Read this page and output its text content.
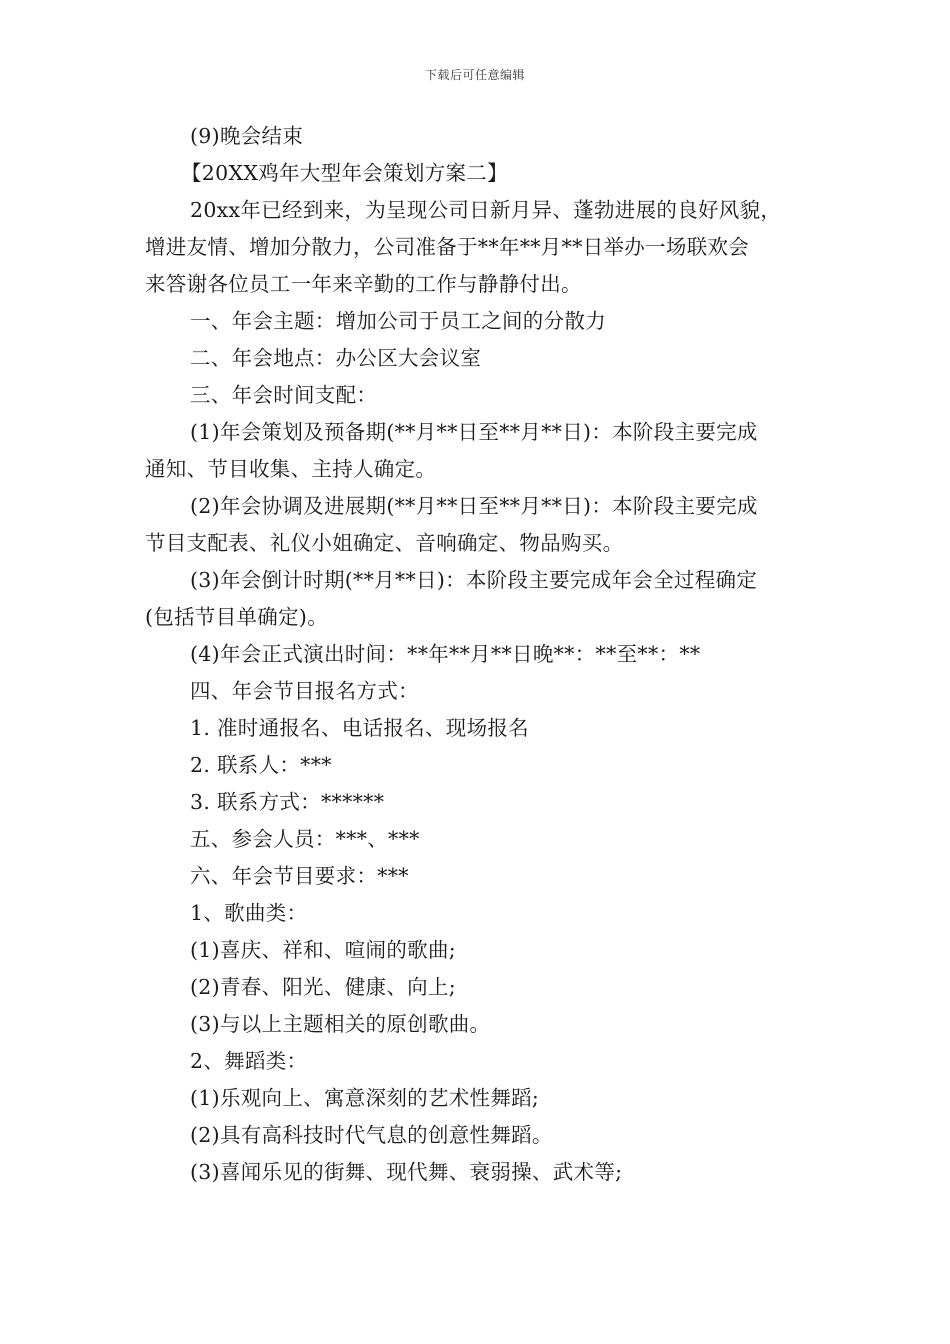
下载后可任意编辑
(9)晚会结束
【20XX鸡年大型年会策划方案二】
20xx年已经到来，为呈现公司日新月异、蓬勃进展的良好风貌，
增进友情、增加分散力，公司准备于**年**月**日举办一场联欢会
来答谢各位员工一年来辛勤的工作与静静付出。
一、年会主题：增加公司于员工之间的分散力
二、年会地点：办公区大会议室
三、年会时间支配：
(1)年会策划及预备期(**月**日至**月**日)：本阶段主要完成
通知、节目收集、主持人确定。
(2)年会协调及进展期(**月**日至**月**日)：本阶段主要完成
节目支配表、礼仪小姐确定、音响确定、物品购买。
(3)年会倒计时期(**月**日)：本阶段主要完成年会全过程确定
(包括节目单确定)。
(4)年会正式演出时间：**年**月**日晚**：**至**：**
四、年会节目报名方式：
1. 准时通报名、电话报名、现场报名
2. 联系人：***
3. 联系方式：******
五、参会人员：***、***
六、年会节目要求：***
1、歌曲类：
(1)喜庆、祥和、喧闹的歌曲;
(2)青春、阳光、健康、向上;
(3)与以上主题相关的原创歌曲。
2、舞蹈类：
(1)乐观向上、寓意深刻的艺术性舞蹈;
(2)具有高科技时代气息的创意性舞蹈。
(3)喜闻乐见的街舞、现代舞、衰弱操、武术等;
